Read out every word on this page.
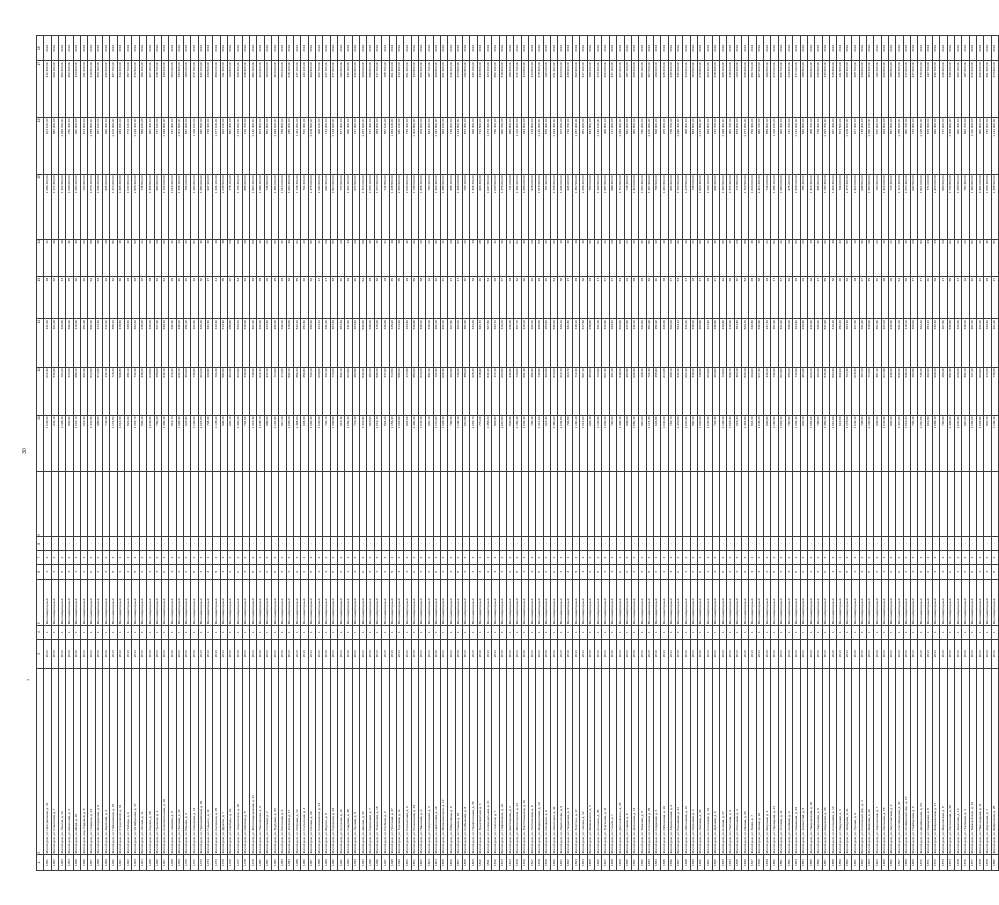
30
7
1	2	3	4	5	6	7	8	9	10	11	12	13	14	15	16	17	18
1451	Жилой дом, ул. Центральная, д. 41	2014	1	Многоквартирный	4	2	-		1 043,20	612,30	431,90	38	41	1 286 400,00	974 100,00	312 300,00	2016
1452	Жилой дом, ул. Советская, д. 7	2014	1	Многоквартирный	4	2	-		942,10	540,80	401,30	32	36	1 174 300,00	881 200,00	293 100,00	2016
1453	Жилой дом, ул. Ленина, д. 12	2014	1	Многоквартирный	5	2	-		1 128,40	701,60	426,80	44	48	1 402 900,00	1 052 700,00	350 200,00	2016
1454	Жилой дом, ул. Школьная, д. 3	2013	1	Многоквартирный	3	2	-		806,50	470,20	336,30	28	30	1 008 600,00	756 400,00	252 200,00	2016
1455	Жилой дом, ул. Мира, д. 18	2013	1	Многоквартирный	4	2	-		1 004,70	588,10	416,60	36	39	1 254 200,00	940 600,00	313 600,00	2016
1456	Жилой дом, пер. Садовый, д. 5	2014	1	Многоквартирный	2	2	-		612,30	360,40	251,90	20	22	764 800,00	573 600,00	191 200,00	2016
1457	Жилой дом, ул. Гагарина, д. 24	2014	1	Многоквартирный	6	2	-		1 342,80	812,50	530,30	52	58	1 678 400,00	1 258 800,00	419 600,00	2016
1458	Жилой дом, ул. Молодёжная, д. 9	2014	1	Многоквартирный	4	2	-		988,60	574,30	414,30	34	38	1 236 200,00	927 100,00	309 100,00	2016
1459	Жилой дом, ул. Заречная, д. 2	2013	1	Многоквартирный	3	2	-		742,90	432,70	310,20	26	28	928 600,00	696 400,00	232 200,00	2016
1460	Жилой дом, ул. Набережная, д. 15	2014	1	Многоквартирный	5	2	-		1 176,50	718,40	458,10	46	50	1 470 600,00	1 102 900,00	367 700,00	2016
1461	Жилой дом, ул. Строителей, д. 31	2014	1	Многоквартирный	4	2	-		1 012,30	596,80	415,50	36	40	1 265 400,00	949 000,00	316 400,00	2016
1462	Жилой дом, ул. Победы, д. 6	2013	1	Многоквартирный	3	2	-		824,60	486,10	338,50	28	32	1 030 800,00	773 100,00	257 700,00	2016
1463	Жилой дом, ул. Октябрьская, д. 47	2014	1	Многоквартирный	5	2	-		1 204,70	742,30	462,40	48	52	1 505 900,00	1 129 400,00	376 500,00	2016
1464	Жилой дом, ул. Лесная, д. 11	2014	1	Многоквартирный	2	2	-		596,40	348,20	248,20	18	21	745 500,00	559 100,00	186 400,00	2016
1465	Жилой дом, ул. Кирова, д. 28	2013	1	Многоквартирный	4	2	-		1 046,80	618,50	428,30	38	42	1 308 500,00	981 400,00	327 100,00	2016
1466	Жилой дом, ул. Пушкина, д. 4	2014	1	Многоквартирный	3	2	-		786,20	458,60	327,60	26	29	982 800,00	737 100,00	245 700,00	2016
1467	Жилой дом, ул. Комсомольская, д. 19	2014	1	Многоквартирный	6	2	-		1 386,40	846,70	539,70	54	60	1 733 000,00	1 299 800,00	433 200,00	2016
1468	Жилой дом, ул. Чапаева, д. 8	2013	1	Многоквартирный	3	2	-		812,70	476,40	336,30	28	31	1 015 900,00	761 900,00	254 000,00	2016
1469	Жилой дом, ул. Полевая, д. 22	2014	1	Многоквартирный	4	2	-		1 068,30	632,10	436,20	40	44	1 335 400,00	1 001 500,00	333 900,00	2016
1470	Жилой дом, ул. Южная, д. 3	2014	1	Многоквартирный	2	2	-		604,80	354,60	250,20	20	22	756 000,00	567 000,00	189 000,00	2016
1471	Жилой дом, ул. Северная, д. 14	2013	1	Многоквартирный	5	2	-		1 192,60	730,80	461,80	46	51	1 490 800,00	1 118 100,00	372 700,00	2016
1472	Жилой дом, ул. Первомайская, д. 36	2014	1	Многоквартирный	4	2	-		1 024,50	604,20	420,30	36	40	1 280 600,00	960 500,00	320 100,00	2016
1473	Жилой дом, ул. Горького, д. 10	2014	1	Многоквартирный	3	2	-		798,30	466,80	331,50	27	30	997 900,00	748 400,00	249 500,00	2016
1474	Жилой дом, ул. Калинина, д. 25	2013	1	Многоквартирный	5	2	-		1 148,90	706,30	442,60	44	49	1 436 100,00	1 077 100,00	359 000,00	2016
1475	Жилой дом, ул. Дружбы, д. 7	2014	1	Многоквартирный	4	2	-		996,40	582,50	413,90	35	38	1 245 500,00	934 100,00	311 400,00	2016
1476	Жилой дом, ул. Свободы, д. 16	2014	1	Многоквартирный	2	2	-		620,10	364,30	255,80	20	23	775 100,00	581 300,00	193 800,00	2016
1477	Жилой дом, ул. Энергетиков, д. 40	2013	1	Многоквартирный	6	2	-		1 364,20	834,50	529,70	53	59	1 705 300,00	1 279 000,00	426 300,00	2016
1478	Жилой дом, ул. Рабочая, д. 5	2014	1	Многоквартирный	3	2	-		764,50	446,20	318,30	26	28	955 600,00	716 700,00	238 900,00	2016
1479	Жилой дом, ул. Железнодорожная, д. 21	2014	1	Многоквартирный	5	2	-		1 216,30	748,90	467,40	48	53	1 520 400,00	1 140 300,00	380 100,00	2016
1480	Жилой дом, ул. Пионерская, д. 9	2013	1	Многоквартирный	4	2	-		1 038,70	612,40	426,30	38	42	1 298 400,00	973 800,00	324 600,00	2016
1481	Жилой дом, ул. Степная, д. 2	2014	1	Многоквартирный	2	2	-		588,60	344,10	244,50	18	20	735 800,00	551 800,00	184 000,00	2016
1482	Жилой дом, ул. Трудовая, д. 33	2014	1	Многоквартирный	5	2	-		1 164,80	714,60	450,20	45	50	1 456 000,00	1 092 000,00	364 000,00	2016
1483	Жилой дом, ул. Весенняя, д. 6	2013	1	Многоквартирный	3	2	-		810,40	474,30	336,10	28	31	1 013 000,00	759 800,00	253 200,00	2016
1484	Жилой дом, ул. Зелёная, д. 17	2014	1	Многоквартирный	4	2	-		1 008,20	592,70	415,50	36	39	1 260 300,00	945 200,00	315 100,00	2016
1485	Жилой дом, ул. Озёрная, д. 12	2014	1	Многоквартирный	6	2	-		1 398,60	856,20	542,40	55	61	1 748 300,00	1 311 200,00	437 100,00	2016
1486	Жилой дом, ул. Солнечная, д. 4	2013	1	Многоквартирный	2	2	-		608,30	356,80	251,50	20	22	760 400,00	570 300,00	190 100,00	2016
1487	Жилой дом, ул. Речная, д. 29	2014	1	Многоквартирный	5	2	-		1 182,40	726,10	456,30	46	50	1 478 000,00	1 108 500,00	369 500,00	2016
1488	Жилой дом, ул. Космонавтов, д. 13	2014	1	Многоквартирный	4	2	-		1 032,60	608,50	424,10	37	41	1 290 800,00	968 100,00	322 700,00	2016
1489	Жилой дом, ул. Фрунзе, д. 8	2013	1	Многоквартирный	3	2	-		792,70	462,40	330,30	27	29	990 900,00	743 200,00	247 700,00	2016
1490	Жилой дом, ул. Суворова, д. 23	2014	1	Многоквартирный	5	2	-		1 208,50	744,20	464,30	48	52	1 510 600,00	1 133 000,00	377 600,00	2016
1491	Жилой дом, ул. Кутузова, д. 10	2014	1	Многоквартирный	2	2	-		616,40	362,10	254,30	20	23	770 500,00	577 900,00	192 600,00	2016
1492	Жилой дом, ул. Садовая, д. 38	2013	1	Многоквартирный	4	2	-		1 056,30	624,80	431,50	39	43	1 320 400,00	990 300,00	330 100,00	2016
1493	Жилой дом, ул. Луговая, д. 5	2014	1	Многоквартирный	3	2	-		776,40	452,80	323,60	26	29	970 500,00	727 900,00	242 600,00	2016
1494	Жилой дом, ул. Дачная, д. 20	2014	1	Многоквартирный	6	2	-		1 372,80	840,30	532,50	54	59	1 716 000,00	1 287 000,00	429 000,00	2016
1495	Жилой дом, ул. Берёзовая, д. 7	2013	1	Многоквартирный	3	2	-		818,50	480,20	338,30	28	32	1 023 100,00	767 300,00	255 800,00	2016
1496	Жилой дом, ул. Тополиная, д. 15	2014	1	Многоквартирный	4	2	-		1 016,70	598,40	418,30	36	40	1 270 900,00	953 200,00	317 700,00	2016
1497	Жилой дом, ул. Клубная, д. 2	2014	1	Многоквартирный	2	2	-		594,20	347,60	246,60	18	21	742 800,00	557 100,00	185 700,00	2016
1498	Жилой дом, ул. Почтовая, д. 27	2013	1	Многоквартирный	5	2	-		1 156,40	710,50	445,90	45	49	1 445 500,00	1 084 100,00	361 400,00	2016
1499	Жилой дом, ул. Торговая, д. 11	2014	1	Многоквартирный	4	2	-		1 002,80	588,20	414,60	35	39	1 253 500,00	940 100,00	313 400,00	2016
1500	Жилой дом, ул. Больничная, д. 6	2014	1	Многоквартирный	3	2	-		804,60	470,80	333,80	28	30	1 005 800,00	754 400,00	251 400,00	2016
1501	Жилой дом, ул. Вокзальная, д. 34	2013	1	Многоквартирный	6	2	-		1 390,40	850,60	539,80	55	60	1 738 000,00	1 303 500,00	434 500,00	2016
1502	Жилой дом, ул. Парковая, д. 9	2014	1	Многоквартирный	4	2	-		1 044,30	616,20	428,10	38	42	1 305 400,00	979 000,00	326 400,00	2016
1503	Жилой дом, ул. Спортивная, д. 3	2014	1	Многоквартирный	2	2	-		600,70	352,40	248,30	19	22	750 900,00	563 200,00	187 700,00	2016
1504	Жилой дом, ул. Цветочная, д. 18	2013	1	Многоквартирный	5	2	-		1 170,60	720,30	450,30	46	50	1 463 300,00	1 097 500,00	365 800,00	2016
1505	Жилой дом, ул. Механизаторов, д. 12	2014	1	Многоквартирный	4	2	-		1 028,40	606,30	422,10	37	41	1 285 500,00	964 100,00	321 400,00	2016
1506	Жилой дом, ул. Юбилейная, д. 5	2014	1	Многоквартирный	3	2	-		788,30	460,50	327,80	27	29	985 400,00	739 000,00	246 400,00	2016
1507	Жилой дом, ул. Новая, д. 26	2013	1	Многоквартирный	5	2	-		1 198,40	736,20	462,20	47	52	1 498 000,00	1 123 500,00	374 500,00	2016
1508	Жилой дом, ул. Куйбышева, д. 8	2014	1	Многоквартирный	2	2	-		610,50	358,20	252,30	20	22	763 100,00	572 300,00	190 800,00	2016
1509	Жилой дом, ул. Профсоюзная, д. 30	2014	1	Многоквартирный	4	2	-		1 062,70	628,40	434,30	39	43	1 328 400,00	996 300,00	332 100,00	2016
1510	Жилой дом, ул. Транспортная, д. 4	2013	1	Многоквартирный	3	2	-		770,60	448,90	321,70	26	28	963 300,00	722 500,00	240 800,00	2016
1511	Жилой дом, ул. Коммунальная, д. 21	2014	1	Многоквартирный	6	2	-		1 358,20	830,40	527,80	53	58	1 697 800,00	1 273 400,00	424 400,00	2016
1512	Жилой дом, ул. Геологов, д. 7	2014	1	Многоквартирный	3	2	-		806,80	472,10	334,70	28	31	1 008 500,00	756 400,00	252 100,00	2016
1513	Жилой дом, ул. Нефтяников, д. 16	2013	1	Многоквартирный	4	2	-		1 020,50	600,80	419,70	37	40	1 275 600,00	956 700,00	318 900,00	2016
1514	Жилой дом, ул. Шахтёрская, д. 2	2014	1	Многоквартирный	2	2	-		592,80	346,50	246,30	18	21	741 000,00	555 800,00	185 200,00	2016
1515	Жилой дом, ул. Металлургов, д. 24	2014	1	Многоквартирный	5	2	-		1 186,30	728,60	457,70	46	51	1 482 900,00	1 112 200,00	370 700,00	2016
1516	Жилой дом, ул. Текстильщиков, д. 10	2013	1	Многоквартирный	4	2	-		1 006,40	591,30	415,10	36	39	1 258 000,00	943 500,00	314 500,00	2016
1517	Жилой дом, ул. Учительская, д. 5	2014	1	Многоквартирный	3	2	-		782,40	456,30	326,10	26	29	978 000,00	733 500,00	244 500,00	2016
1518	Жилой дом, ул. Медицинская, д. 19	2014	1	Многоквартирный	5	2	-		1 212,60	746,80	465,80	48	53	1 515 800,00	1 136 900,00	378 900,00	2016
1519	Жилой дом, ул. Речников, д. 6	2013	1	Многоквартирный	2	2	-		614,30	360,80	253,50	20	22	767 900,00	575 900,00	192 000,00	2016
1520	Жилой дом, ул. Авиаторов, д. 32	2014	1	Многоквартирный	6	2	-		1 380,60	844,20	536,40	54	60	1 725 800,00	1 294 400,00	431 400,00	2016
1521	Жилой дом, ул. Лермонтова, д. 9	2014	1	Многоквартирный	4	2	-		1 036,80	610,70	426,10	38	42	1 296 000,00	972 000,00	324 000,00	2016
1522	Жилой дом, ул. Некрасова, д. 3	2013	1	Многоквартирный	3	2	-		796,50	464,70	331,80	27	30	995 600,00	746 700,00	248 900,00	2016
1523	Жилой дом, ул. Толстого, д. 17	2014	1	Многоквартирный	5	2	-		1 160,40	712,30	448,10	45	49	1 450 500,00	1 087 900,00	362 600,00	2016
1524	Жилой дом, ул. Чехова, д. 12	2014	1	Многоквартирный	4	2	-		1 014,60	597,10	417,50	36	40	1 268 300,00	951 200,00	317 100,00	2016
1525	Жилой дом, ул. Маяковского, д. 4	2013	1	Многоквартирный	2	2	-		602,40	353,60	248,80	19	22	753 000,00	564 800,00	188 200,00	2016
1526	Жилой дом, ул. Есенина, д. 28	2014	1	Многоквартирный	5	2	-		1 194,80	734,50	460,30	47	51	1 493 500,00	1 120 100,00	373 400,00	2016
1527	Жилой дом, ул. Тургенева, д. 11	2014	1	Многоквартирный	4	2	-		1 030,20	607,40	422,80	37	41	1 287 800,00	965 800,00	322 000,00	2016
1528	Жилой дом, ул. Гоголя, д. 7	2013	1	Многоквартирный	3	2	-		790,60	461,20	329,40	27	29	988 300,00	741 200,00	247 100,00	2016
1529	Жилой дом, ул. Достоевского, д. 22	2014	1	Многоквартирный	6	2	-		1 368,40	838,60	529,80	54	59	1 710 500,00	1 282 900,00	427 600,00	2016
1530	Жилой дом, ул. Горная, д. 5	2014	1	Многоквартирный	2	2	-		598,60	350,80	247,80	19	21	748 300,00	561 200,00	187 100,00	2016
1531	Жилой дом, ул. Долинная, д. 14	2013	1	Многоквартирный	4	2	-		1 050,40	620,30	430,10	38	42	1 313 000,00	984 800,00	328 200,00	2016
1532	Жилой дом, ул. Таёжная, д. 8	2014	1	Многоквартирный	3	2	-		800,20	468,40	331,80	28	30	1 000 300,00	750 200,00	250 100,00	2016
1533	Жилой дом, ул. Сосновая, д. 25	2014	1	Многоквартирный	5	2	-		1 174,30	722,40	451,90	46	50	1 467 900,00	1 100 900,00	367 000,00	2016
1534	Жилой дом, ул. Кедровая, д. 3	2013	1	Многоквартирный	2	2	-		606,80	355,90	250,90	20	22	758 500,00	568 900,00	189 600,00	2016
1535	Жилой дом, ул. Рябиновая, д. 19	2014	1	Многоквартирный	4	2	-		1 040,60	614,30	426,30	38	42	1 300 800,00	975 600,00	325 200,00	2016
1536	Жилой дом, ул. Абрикосовая, д. 6	2014	1	Многоквартирный	3	2	-		784,70	458,10	326,60	27	29	980 900,00	735 700,00	245 200,00	2016
1537	Жилой дом, ул. Вишнёвая, д. 31	2013	1	Многоквартирный	6	2	-		1 376,50	842,40	534,10	54	60	1 720 600,00	1 290 400,00	430 200,00	2016
1538	Жилой дом, ул. Яблоневая, д. 10	2014	1	Многоквартирный	4	2	-		1 022,80	602,40	420,40	37	40	1 278 500,00	958 900,00	319 600,00	2016
1539	Жилой дом, ул. Ореховая, д. 2	2014	1	Многоквартирный	2	2	-		590,40	345,20	245,20	18	21	738 000,00	553 500,00	184 500,00	2016
1540	Жилой дом, ул. Липовая, д. 23	2013	1	Многоквартирный	5	2	-		1 202,60	739,80	462,80	47	52	1 503 300,00	1 127 500,00	375 800,00	2016
1541	Жилой дом, ул. Кленовая, д. 13	2014	1	Многоквартирный	4	2	-		1 034,50	609,60	424,90	38	41	1 293 100,00	969 800,00	323 300,00	2016
1542	Жилой дом, ул. Дубовая, д. 5	2014	1	Многоквартирный	3	2	-		794,30	463,50	330,80	27	30	992 900,00	744 700,00	248 200,00	2016
1543	Жилой дом, ул. Еловая, д. 27	2013	1	Многоквартирный	5	2	-		1 168,40	718,60	449,80	46	50	1 460 500,00	1 095 400,00	365 100,00	2016
1544	Жилой дом, ул. Пихтовая, д. 9	2014	1	Многоквартирный	4	2	-		1 018,30	599,70	418,60	36	40	1 272 900,00	954 700,00	318 200,00	2016
1545	Жилой дом, ул. Осиновая, д. 4	2014	1	Многоквартирный	2	2	-		618,20	363,40	254,80	20	23	772 800,00	579 600,00	193 200,00	2016
1546	Жилой дом, ул. Ивовая, д. 20	2013	1	Многоквартирный	6	2	-		1 362,80	833,10	529,70	53	58	1 703 500,00	1 277 600,00	425 900,00	2016
1547	Жилой дом, ул. Тихая, д. 7	2014	1	Многоквартирный	3	2	-		802,40	469,60	332,80	28	30	1 003 000,00	752 300,00	250 700,00	2016
1548	Жилой дом, ул. Ясная, д. 16	2014	1	Многоквартирный	4	2	-		1 048,20	617,40	430,80	38	42	1 310 300,00	982 700,00	327 600,00	2016
1549	Жилой дом, ул. Широкая, д. 2	2013	1	Многоквартирный	2	2	-		596,80	349,40	247,40	18	21	746 000,00	559 500,00	186 500,00	2016
1550	Жилой дом, ул. Проездная, д. 24	2014	1	Многоквартирный	5	2	-		1 190,50	732,60	457,90	47	51	1 488 100,00	1 116 100,00	372 000,00	2016
1551	Жилой дом, ул. Угловая, д. 11	2014	1	Многоквартирный	4	2	-		1 026,40	604,80	421,60	37	41	1 283 000,00	962 300,00	320 700,00	2016
1552	Жилой дом, ул. Крайняя, д. 6	2013	1	Многоквартирный	3	2	-		780,50	455,20	325,30	26	29	975 600,00	731 700,00	243 900,00	2016
1553	Жилой дом, ул. Овражная, д. 29	2014	1	Многоквартирный	5	2	-		1 206,40	742,80	463,60	48	52	1 508 000,00	1 131 000,00	377 000,00	2016
1554	Жилой дом, ул. Холмистая, д. 8	2014	1	Многоквартирный	2	2	-		604,20	354,30	249,90	19	22	755 300,00	566 500,00	188 800,00	2016
1555	Жилой дом, ул. Придорожная, д. 18	2013	1	Многоквартирный	4	2	-		1 054,60	623,10	431,50	39	43	1 318 300,00	988 700,00	329 600,00	2016
1556	Жилой дом, ул. Подгорная, д. 5	2014	1	Многоквартирный	3	2	-		788,60	460,20	328,40	27	30	985 800,00	739 300,00	246 500,00	2016
1557	Жилой дом, ул. Окружная, д. 33	2014	1	Многоквартирный	6	2	-		1 384,20	846,30	537,90	55	60	1 730 300,00	1 297 700,00	432 600,00	2016
1558	Жилой дом, ул. Кольцевая, д. 12	2013	1	Многоквартирный	4	2	-		1 010,60	594,30	416,30	36	39	1 263 300,00	947 400,00	315 900,00	2016
1559	Жилой дом, ул. Радужная, д. 3	2014	1	Многоквартирный	2	2	-		612,80	360,60	252,20	20	22	766 000,00	574 500,00	191 500,00	2016
1560	Жилой дом, ул. Звёздная, д. 21	2014	1	Многоквартирный	5	2	-		1 178,60	724,30	454,30	46	50	1 473 300,00	1 105 000,00	368 300,00	2016
1561	Жилой дом, ул. Лунная, д. 9	2013	1	Многоквартирный	4	2	-		1 042,40	615,20	427,20	38	42	1 303 000,00	977 300,00	325 700,00	2016
1562	Жилой дом, ул. Солнечный пер., д. 4	2014	1	Многоквартирный	3	2	-		798,80	467,20	331,60	27	30	998 500,00	748 900,00	249 600,00	2016
1563	Жилой дом, ул. Майская, д. 26	2014	1	Многоквартирный	5	2	-		1 162,80	714,20	448,60	45	49	1 453 500,00	1 090 100,00	363 400,00	2016
1564	Жилой дом, ул. Апрельская, д. 7	2013	1	Многоквартирный	2	2	-		608,60	357,10	251,50	20	22	760 800,00	570 600,00	190 200,00	2016
1565	Жилой дом, ул. Июльская, д. 15	2014	1	Многоквартирный	4	2	-		1 044,80	617,80	427,00	38	42	1 306 000,00	979 500,00	326 500,00	2016
1566	Жилой дом, ул. Августовская, д. 2	2014	1	Многоквартирный	2	2	-		594,60	348,30	246,30	18	21	743 300,00	557 500,00	185 800,00	2016
1567	Жилой дом, ул. Сентябрьская, д. 30	2013	1	Многоквартирный	6	2	-		1 370,60	839,40	531,20	54	59	1 713 300,00	1 285 000,00	428 300,00	2016
1568	Жилой дом, ул. Октябрьский пер., д. 10	2014	1	Многоквартирный	4	2	-		1 016,20	598,10	418,10	36	40	1 270 300,00	952 700,00	317 600,00	2016
1569	Жилой дом, ул. Ноябрьская, д. 6	2014	1	Многоквартирный	3	2	-		792,40	462,80	329,60	27	29	990 500,00	742 900,00	247 600,00	2016
1570	Жилой дом, ул. Декабрьская, д. 23	2013	1	Многоквартирный	5	2	-		1 200,80	738,40	462,40	47	52	1 501 000,00	1 125 800,00	375 200,00	2016
1571	Жилой дом, ул. Январская, д. 8	2014	1	Многоквартирный	2	2	-		616,80	362,60	254,20	20	23	771 000,00	578 300,00	192 700,00	2016
1572	Жилой дом, ул. Февральская, д. 17	2014	1	Многоквартирный	4	2	-		1 058,40	626,20	432,20	39	43	1 323 000,00	992 300,00	330 700,00	2016
1573	Жилой дом, ул. Мартовская, д. 5	2013	1	Многоквартирный	3	2	-		786,80	459,30	327,50	27	29	983 500,00	737 600,00	245 900,00	2016
1574	Жилой дом, ул. Рассветная, д. 28	2014	1	Многоквартирный	6	2	-		1 392,60	851,80	540,80	55	61	1 740 800,00	1 305 600,00	435 200,00	2016
1575	Жилой дом, ул. Закатная, д. 13	2014	1	Многоквартирный	4	2	-		1 030,80	608,20	422,60	37	41	1 288 500,00	966 400,00	322 100,00	2016
1576	Жилой дом, ул. Полярная, д. 4	2013	1	Многоквартирный	2	2	-		600,20	352,10	248,10	19	22	750 300,00	562 700,00	187 600,00	2016
1577	Жилой дом, ул. Таёжный пер., д. 19	2014	1	Многоквартирный	5	2	-		1 184,60	727,40	457,20	46	51	1 480 800,00	1 110 600,00	370 200,00	2016
1578	Жилой дом, ул. Пригородная, д. 11	2014	1	Многоквартирный	4	2	-		1 024,80	603,60	421,20	37	41	1 281 000,00	960 800,00	320 200,00	2016
1579	Жилой дом, ул. Дорожная, д. 7	2013	1	Многоквартирный	3	2	-		804,20	470,60	333,60	28	30	1 005 300,00	754 000,00	251 300,00	2016
1580	Жилой дом, ул. Фабричная, д. 25	2014	1	Многоквартирный	5	2	-		1 196,40	735,20	461,20	47	51	1 495 500,00	1 121 600,00	373 900,00	2016
